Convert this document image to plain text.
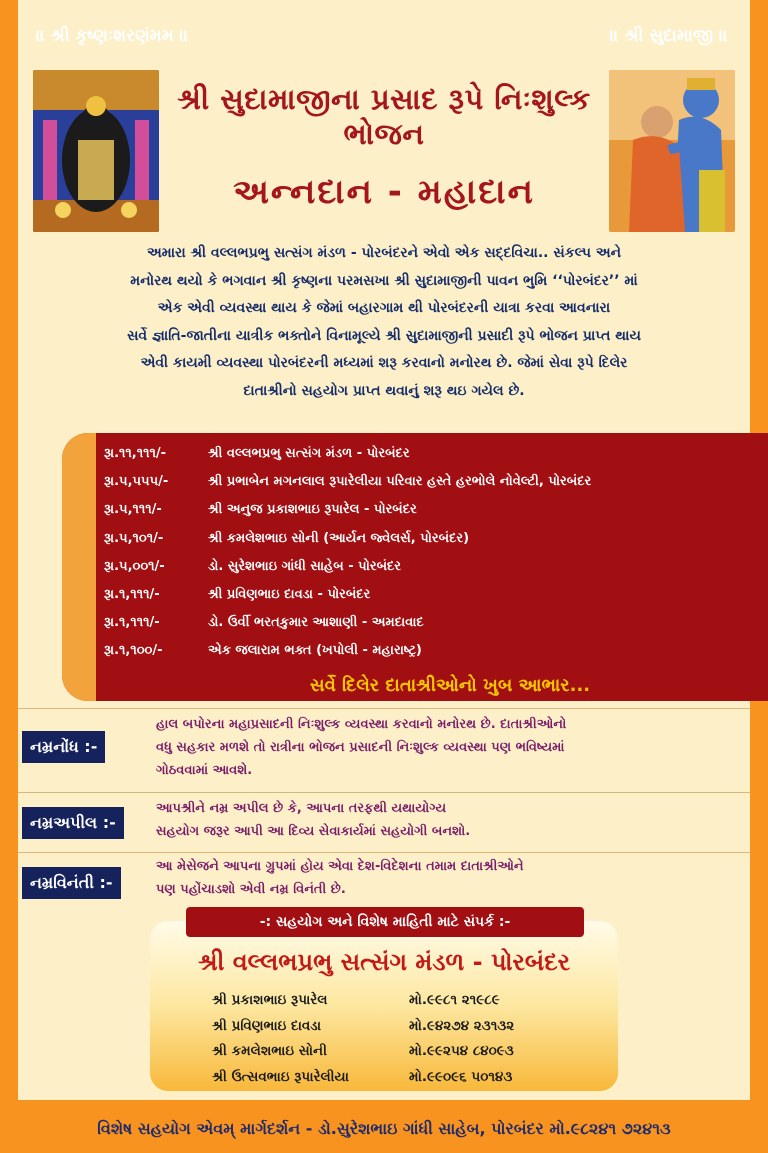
॥ શ્રી કૃષ્ણઃશરણંમમ ॥	॥ શ્રી સુદામાજી ॥
શ્રી સુદામાજીના પ્રસાદ રૂપે નિઃશુલ્ક ભોજન
અન્નદાન - મહાદાન
અમારા શ્રી વલ્લભપ્રભુ સત્સંગ મંડળ - પોરબંદરને એવો એક સદ્દવિચા.. સંકલ્પ અને
મનોરથ થયો કે ભગવાન શ્રી કૃષ્ણના પરમસખા શ્રી સુદામાજીની પાવન ભુમિ ‘‘પોરબંદર’’ માં
એક એવી વ્યવસ્થા થાય કે જેમાં બહારગામ થી પોરબંદરની યાત્રા કરવા આવનારા
સર્વે જ્ઞાતિ-જાતીના યાત્રીક ભક્તોને વિનામૂલ્યે શ્રી સુદામાજીની પ્રસાદી રૂપે ભોજન પ્રાપ્ત થાય
એવી કાયમી વ્યવસ્થા પોરબંદરની મધ્યમાં શરૂ કરવાનો મનોરથ છે. જેમાં સેવા રૂપે દિલેર
દાતાશ્રીનો સહયોગ પ્રાપ્ત થવાનું શરૂ થઇ ગયેલ છે.
રૂા.૧૧,૧૧૧/-	શ્રી વલ્લભપ્રભુ સત્સંગ મંડળ - પોરબંદર
રૂા.૫,૫૫૫/-	શ્રી પ્રભાબેન મગનલાલ રૂપારેલીયા પરિવાર હસ્તે હરભોલે નોવેલ્ટી, પોરબંદર
રૂા.૫,૧૧૧/-	શ્રી અનુજ પ્રકાશભાઇ રૂપારેલ - પોરબંદર
રૂા.૫,૧૦૧/-	શ્રી કમલેશભાઇ સોની (આર્યન જ્વેલર્સ, પોરબંદર)
રૂા.૫,૦૦૧/-	ડો. સુરેશભાઇ ગાંધી સાહેબ - પોરબંદર
રૂા.૧,૧૧૧/-	શ્રી પ્રવિણભાઇ દાવડા - પોરબંદર
રૂા.૧,૧૧૧/-	ડો. ઉર્વી ભરતકુમાર આશાણી - અમદાવાદ
રૂા.૧,૧૦૦/-	એક જલારામ ભક્ત (ખપોલી - મહારાષ્ટ્ર)
સર્વે દિલેર દાતાશ્રીઓનો ખુબ આભાર...
નમ્રનોંધ :-
હાલ બપોરના મહાપ્રસાદની નિઃશુલ્ક વ્યવસ્થા કરવાનો મનોરથ છે. દાતાશ્રીઓનો
વધુ સહકાર મળશે તો રાત્રીના ભોજન પ્રસાદની નિઃશુલ્ક વ્યવસ્થા પણ ભવિષ્યમાં
ગોઠવવામાં આવશે.
નમ્રઅપીલ :-
આપશ્રીને નમ્ર અપીલ છે કે, આપના તરફથી યથાયોગ્ય
સહયોગ જરૂર આપી આ દિવ્ય સેવાકાર્યમાં સહયોગી બનશો.
નમ્રવિનંતી :-
આ મેસેજને આપના ગ્રુપમાં હોય એવા દેશ-વિદેશના તમામ દાતાશ્રીઓને
પણ પહોંચાડશો એવી નમ્ર વિનંતી છે.
-: સહયોગ અને વિશેષ માહિતી માટે સંપર્ક :-
શ્રી વલ્લભપ્રભુ સત્સંગ મંડળ - પોરબંદર
શ્રી પ્રકાશભાઇ રૂપારેલ	મો.૯૯૮૧ ૨૧૯૮૯
શ્રી પ્રવિણભાઇ દાવડા	મો.૯૪૨૭૪ ૨૩૧૩૨
શ્રી કમલેશભાઇ સોની	મો.૯૯૨૫૪ ૮૪૦૯૩
શ્રી ઉત્સવભાઇ રૂપારેલીયા	મો.૯૯૦૯૬ ૫૦૧૪૩
વિશેષ સહયોગ એવમ્ માર્ગદર્શન - ડો.સુરેશભાઇ ગાંધી સાહેબ, પોરબંદર મો.૯૮૨૪૧ ૭૨૪૧૩
